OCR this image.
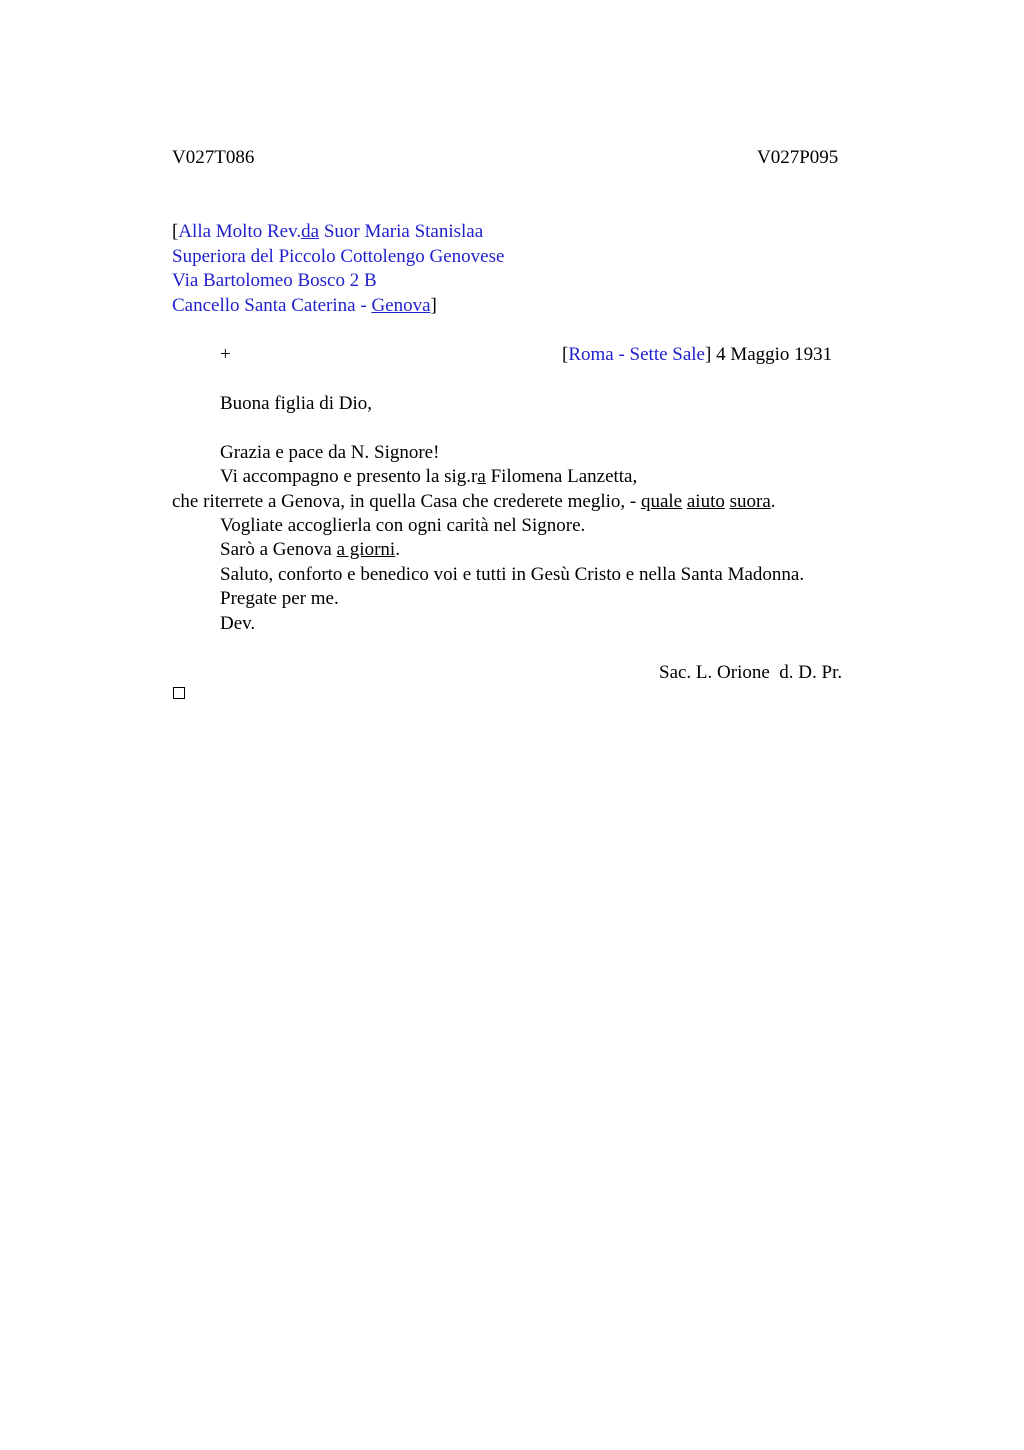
V027T086	V027P095
[Alla Molto Rev.da Suor Maria Stanislaa
Superiora del Piccolo Cottolengo Genovese
Via Bartolomeo Bosco 2 B
Cancello Santa Caterina - Genova]
+	[Roma - Sette Sale] 4 Maggio 1931
Buona figlia di Dio,
Grazia e pace da N. Signore!
Vi accompagno e presento la sig.ra Filomena Lanzetta,
che riterrete a Genova, in quella Casa che crederete meglio, - quale aiuto suora.
Vogliate accoglierla con ogni carità nel Signore.
Sarò a Genova a giorni.
Saluto, conforto e benedico voi e tutti in Gesù Cristo e nella Santa Madonna.
Pregate per me.
Dev.
Sac. L. Orione  d. D. Pr.
